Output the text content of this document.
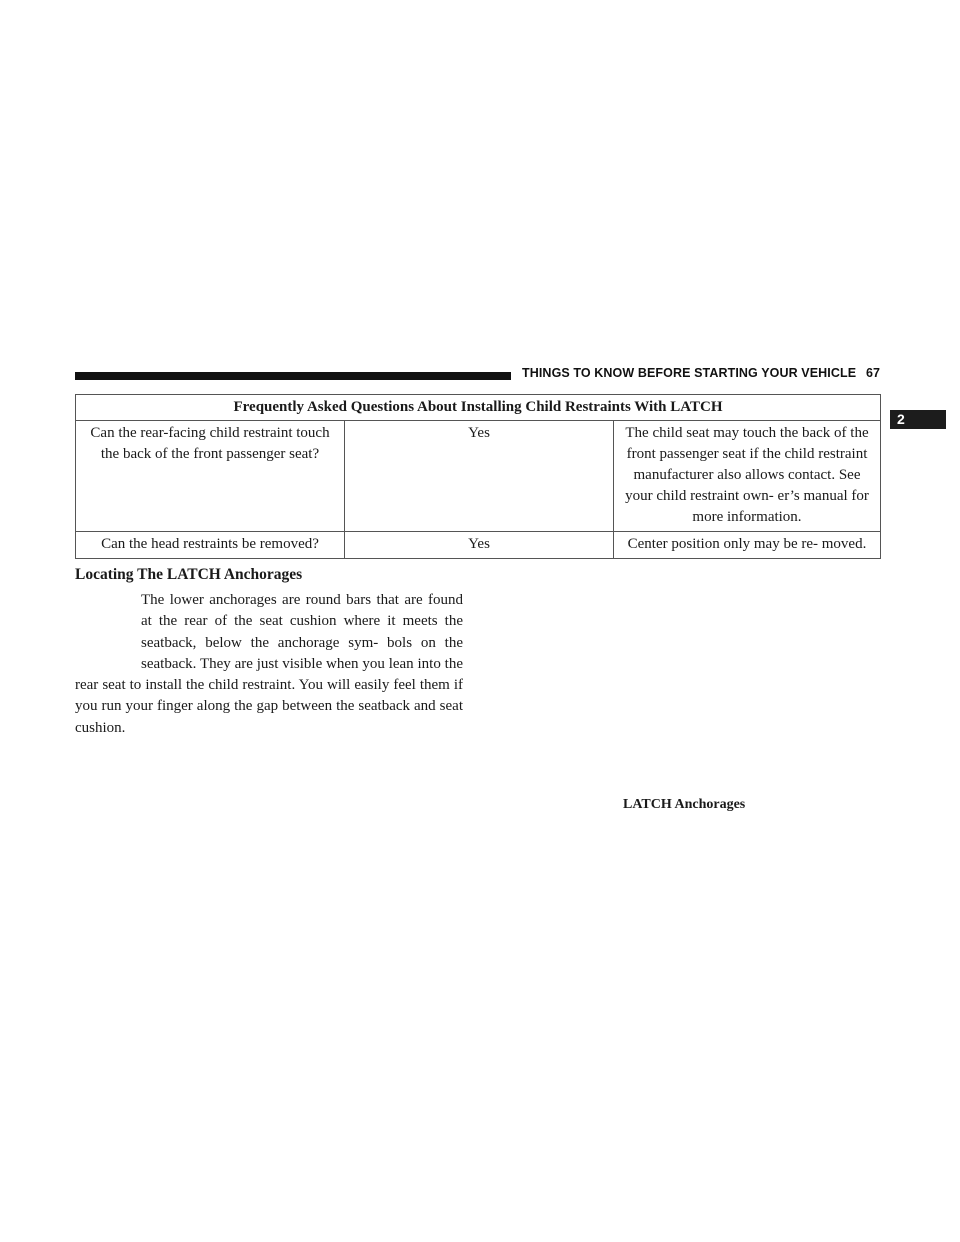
THINGS TO KNOW BEFORE STARTING YOUR VEHICLE 67
2
Frequently Asked Questions About Installing Child Restraints With LATCH		
Can the rear-facing child restraint touch the back of the front passenger seat?	Yes	The child seat may touch the back of the front passenger seat if the child restraint manufacturer also allows contact. See your child restraint own- er’s manual for more information.
Can the head restraints be removed?	Yes	Center position only may be re- moved.
Locating The LATCH Anchorages
The lower anchorages are round bars that are found at the rear of the seat cushion where it meets the seatback, below the anchorage sym- bols on the seatback. They are just visible when you lean into the rear seat to install the child restraint. You will easily feel them if you run your finger along the gap between the seatback and seat cushion.
LATCH Anchorages
